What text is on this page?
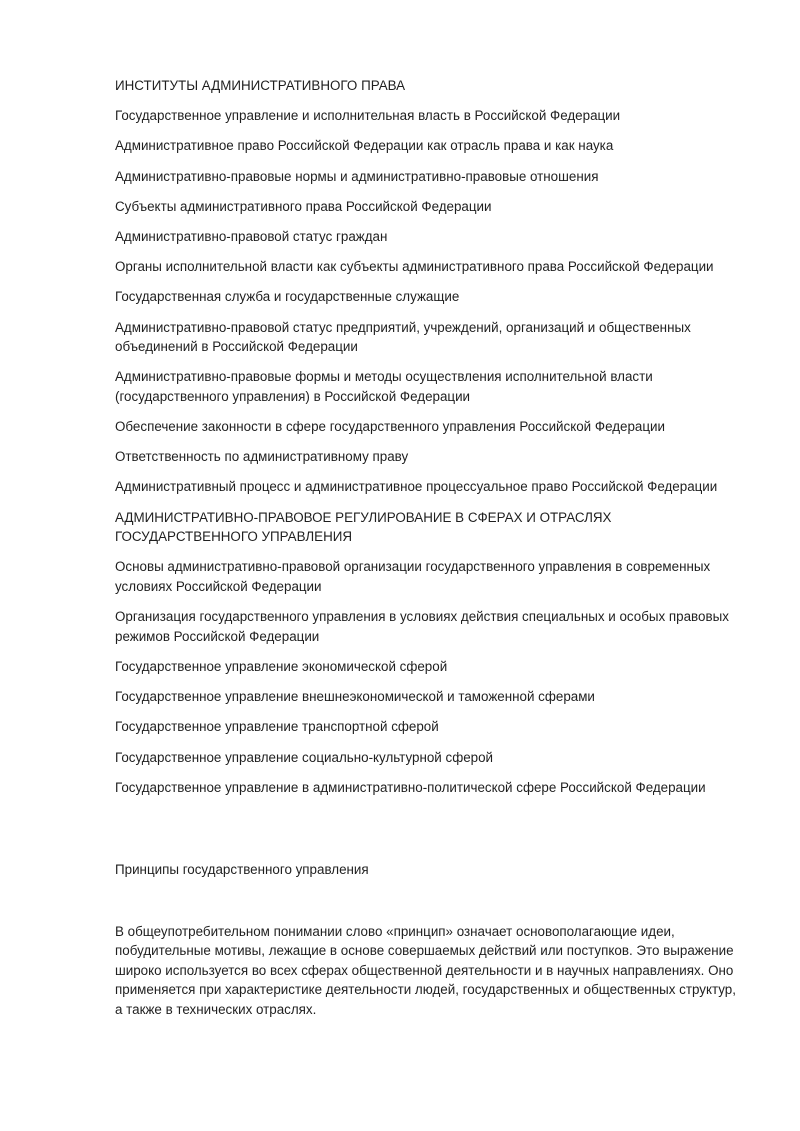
ИНСТИТУТЫ АДМИНИСТРАТИВНОГО ПРАВА

Государственное управление и исполнительная власть в Российской Федерации

Административное право Российской Федерации как отрасль права и как наука

Административно-правовые нормы и административно-правовые отношения

Субъекты административного права Российской Федерации

Административно-правовой статус граждан

Органы исполнительной власти как субъекты административного права Российской Федерации

Государственная служба и государственные служащие

Административно-правовой статус предприятий, учреждений, организаций и общественных объединений в Российской Федерации

Административно-правовые формы и методы осуществления исполнительной власти (государственного управления) в Российской Федерации

Обеспечение законности в сфере государственного управления Российской Федерации

Ответственность по административному праву

Административный процесс и административное процессуальное право Российской Федерации

АДМИНИСТРАТИВНО-ПРАВОВОЕ РЕГУЛИРОВАНИЕ В СФЕРАХ И ОТРАСЛЯХ ГОСУДАРСТВЕННОГО УПРАВЛЕНИЯ

Основы административно-правовой организации государственного управления в современных условиях Российской Федерации

Организация государственного управления в условиях действия специальных и особых правовых режимов Российской Федерации

Государственное управление экономической сферой

Государственное управление внешнеэкономической и таможенной сферами

Государственное управление транспортной сферой

Государственное управление социально-культурной сферой

Государственное управление в административно-политической сфере Российской Федерации

Принципы государственного управления

В общеупотребительном понимании слово «принцип» означает основополагающие идеи, побудительные мотивы, лежащие в основе совершаемых действий или поступков. Это выражение широко используется во всех сферах общественной деятельности и в научных направлениях. Оно применяется при характеристике деятельности людей, государственных и общественных структур, а также в технических отраслях.
